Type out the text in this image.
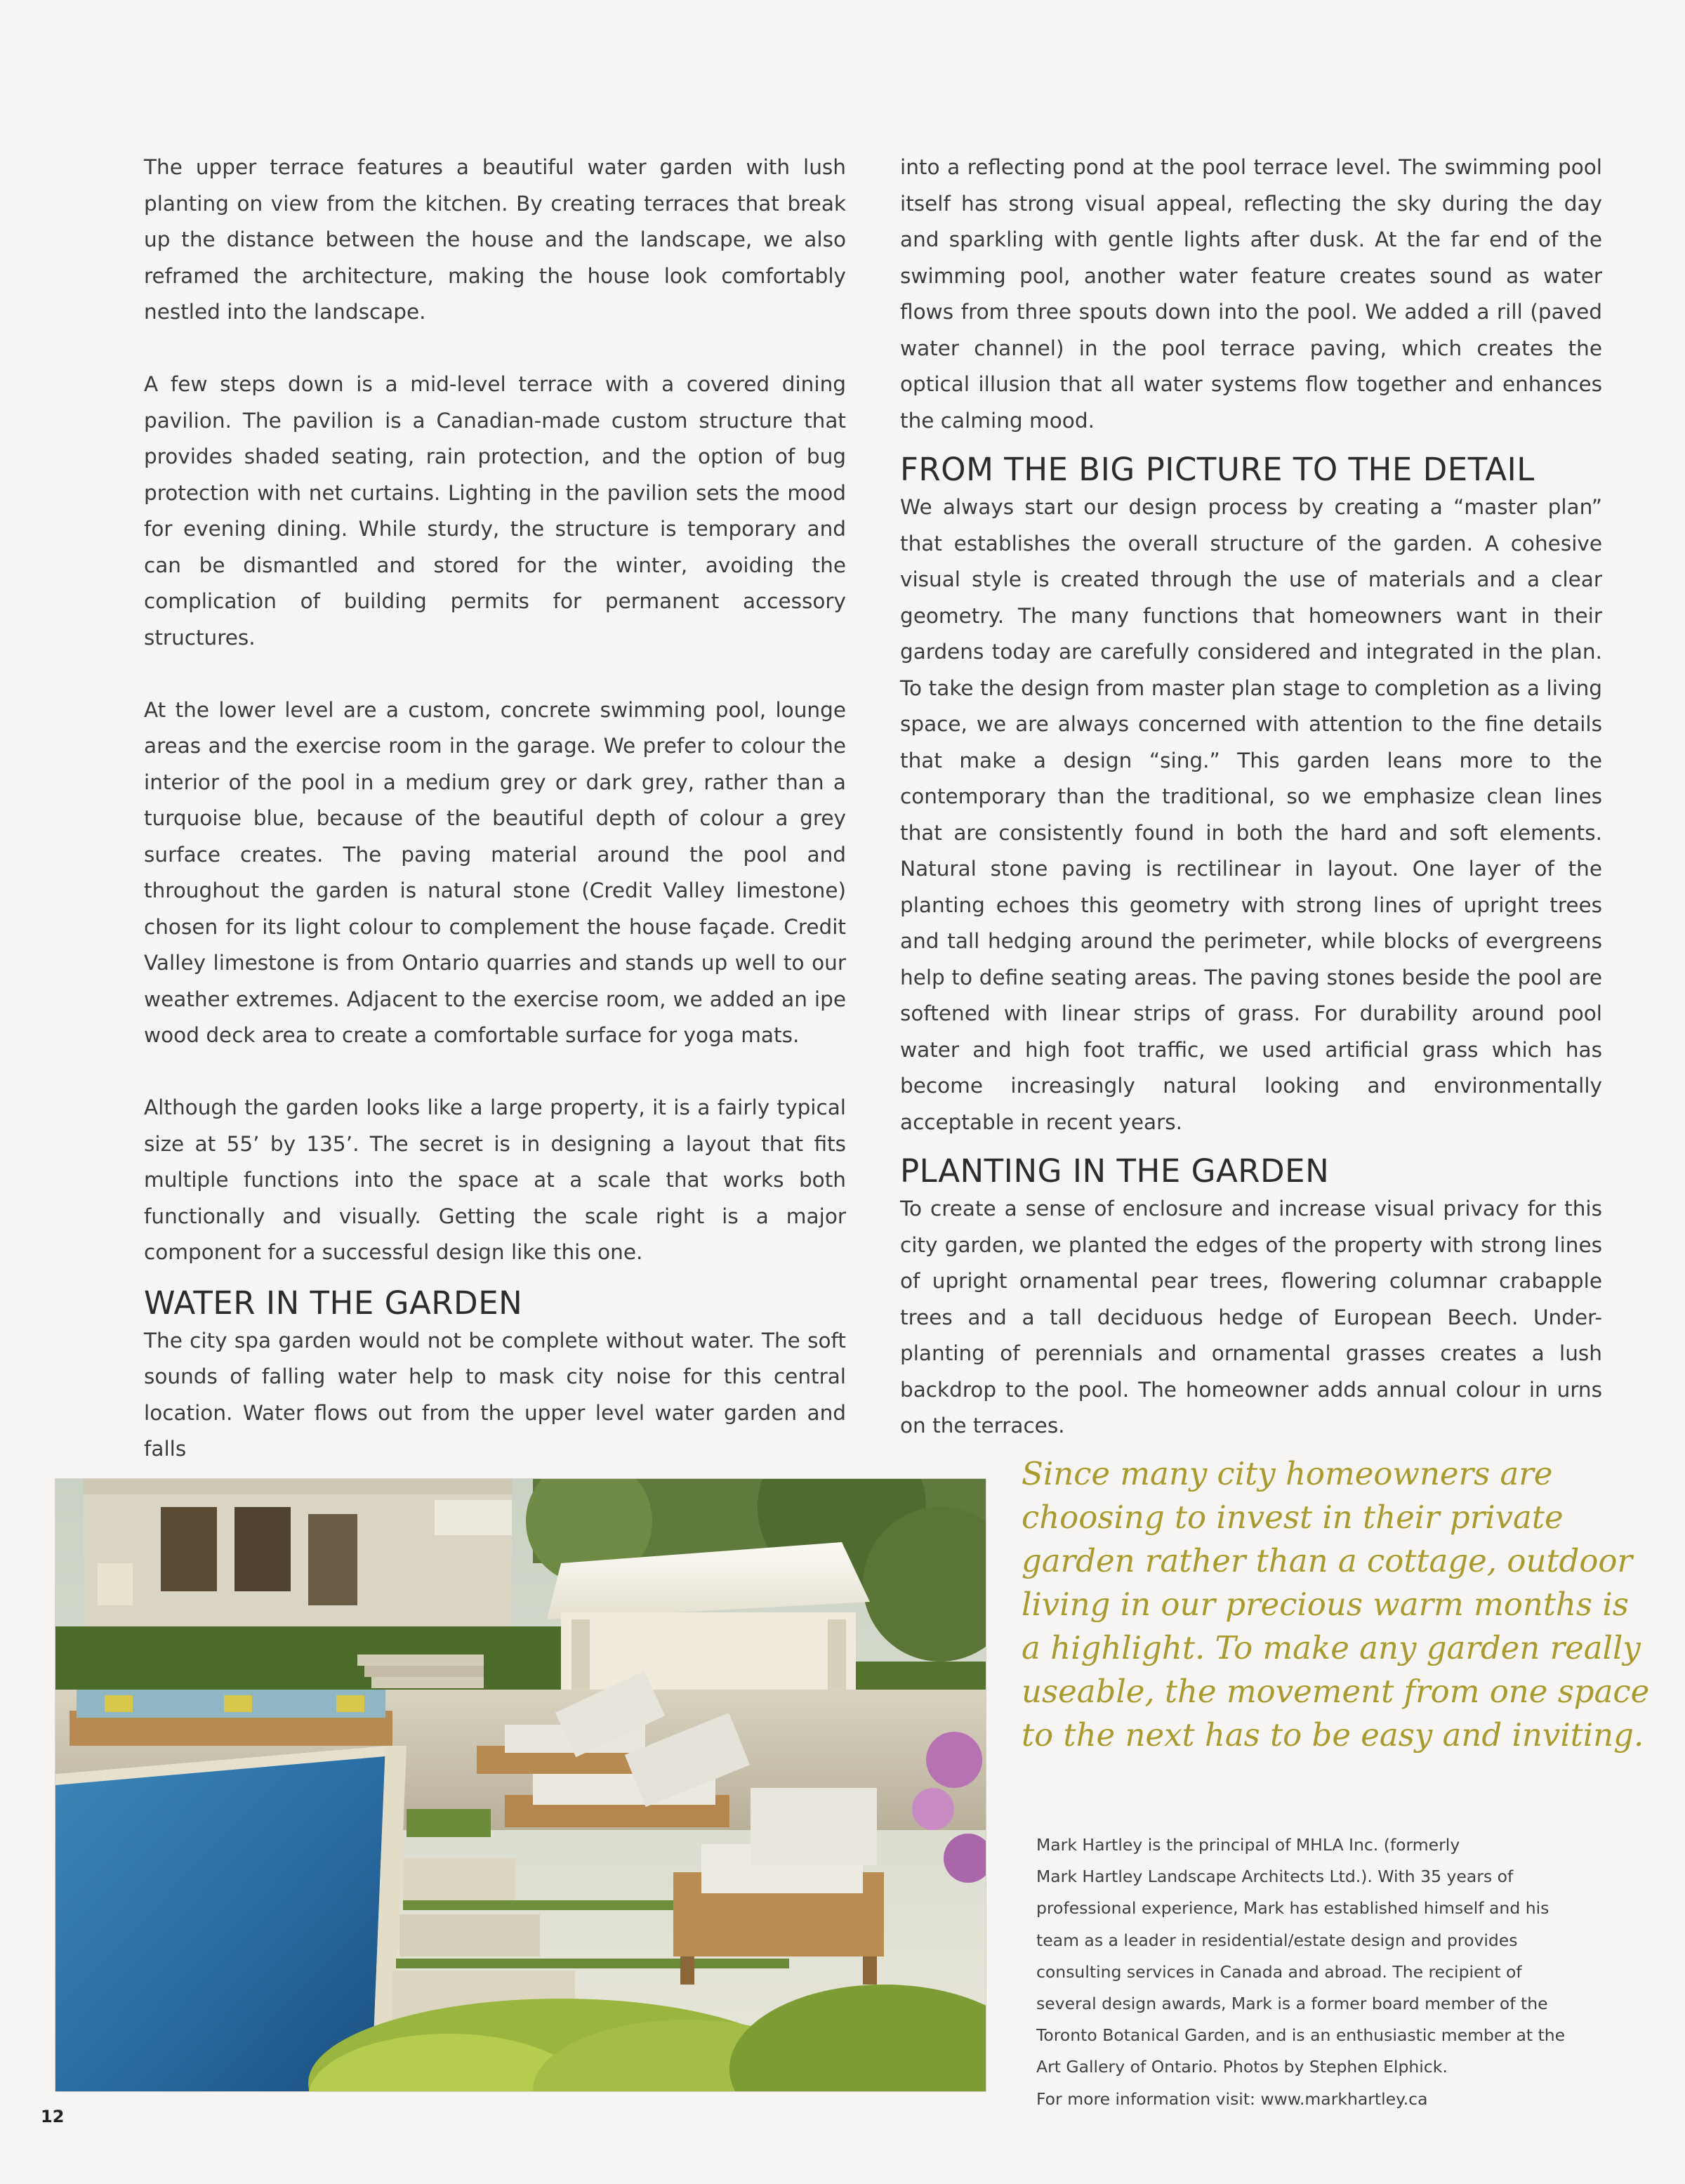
The upper terrace features a beautiful water garden with lush planting on view from the kitchen. By creating terraces that break up the distance between the house and the landscape, we also reframed the architecture, making the house look comfortably nestled into the landscape.

A few steps down is a mid-level terrace with a covered dining pavilion. The pavilion is a Canadian-made custom structure that provides shaded seating, rain protection, and the option of bug protection with net curtains. Lighting in the pavilion sets the mood for evening dining. While sturdy, the structure is temporary and can be dismantled and stored for the winter, avoiding the complication of building permits for permanent accessory structures.

At the lower level are a custom, concrete swimming pool, lounge areas and the exercise room in the garage. We prefer to colour the interior of the pool in a medium grey or dark grey, rather than a turquoise blue, because of the beautiful depth of colour a grey surface creates. The paving material around the pool and throughout the garden is natural stone (Credit Valley limestone) chosen for its light colour to complement the house façade. Credit Valley limestone is from Ontario quarries and stands up well to our weather extremes. Adjacent to the exercise room, we added an ipe wood deck area to create a comfortable surface for yoga mats.

Although the garden looks like a large property, it is a fairly typical size at 55’ by 135’. The secret is in designing a layout that fits multiple functions into the space at a scale that works both functionally and visually. Getting the scale right is a major component for a successful design like this one.

WATER IN THE GARDEN

The city spa garden would not be complete without water. The soft sounds of falling water help to mask city noise for this central location. Water flows out from the upper level water garden and falls

into a reflecting pond at the pool terrace level. The swimming pool itself has strong visual appeal, reflecting the sky during the day and sparkling with gentle lights after dusk. At the far end of the swimming pool, another water feature creates sound as water flows from three spouts down into the pool. We added a rill (paved water channel) in the pool terrace paving, which creates the optical illusion that all water systems flow together and enhances the calming mood.

FROM THE BIG PICTURE TO THE DETAIL

We always start our design process by creating a “master plan” that establishes the overall structure of the garden. A cohesive visual style is created through the use of materials and a clear geometry. The many functions that homeowners want in their gardens today are carefully considered and integrated in the plan. To take the design from master plan stage to completion as a living space, we are always concerned with attention to the fine details that make a design “sing.” This garden leans more to the contemporary than the traditional, so we emphasize clean lines that are consistently found in both the hard and soft elements. Natural stone paving is rectilinear in layout. One layer of the planting echoes this geometry with strong lines of upright trees and tall hedging around the perimeter, while blocks of evergreens help to define seating areas. The paving stones beside the pool are softened with linear strips of grass. For durability around pool water and high foot traffic, we used artificial grass which has become increasingly natural looking and environmentally acceptable in recent years.

PLANTING IN THE GARDEN

To create a sense of enclosure and increase visual privacy for this city garden, we planted the edges of the property with strong lines of upright ornamental pear trees, flowering columnar crabapple trees and a tall deciduous hedge of European Beech. Under-planting of perennials and ornamental grasses creates a lush backdrop to the pool. The homeowner adds annual colour in urns on the terraces.

Since many city homeowners are choosing to invest in their private garden rather than a cottage, outdoor living in our precious warm months is a highlight. To make any garden really useable, the movement from one space to the next has to be easy and inviting.

Mark Hartley is the principal of MHLA Inc. (formerly
Mark Hartley Landscape Architects Ltd.). With 35 years of
professional experience, Mark has established himself and his
team as a leader in residential/estate design and provides
consulting services in Canada and abroad. The recipient of
several design awards, Mark is a former board member of the
Toronto Botanical Garden, and is an enthusiastic member at the
Art Gallery of Ontario. Photos by Stephen Elphick.
For more information visit: www.markhartley.ca
12
